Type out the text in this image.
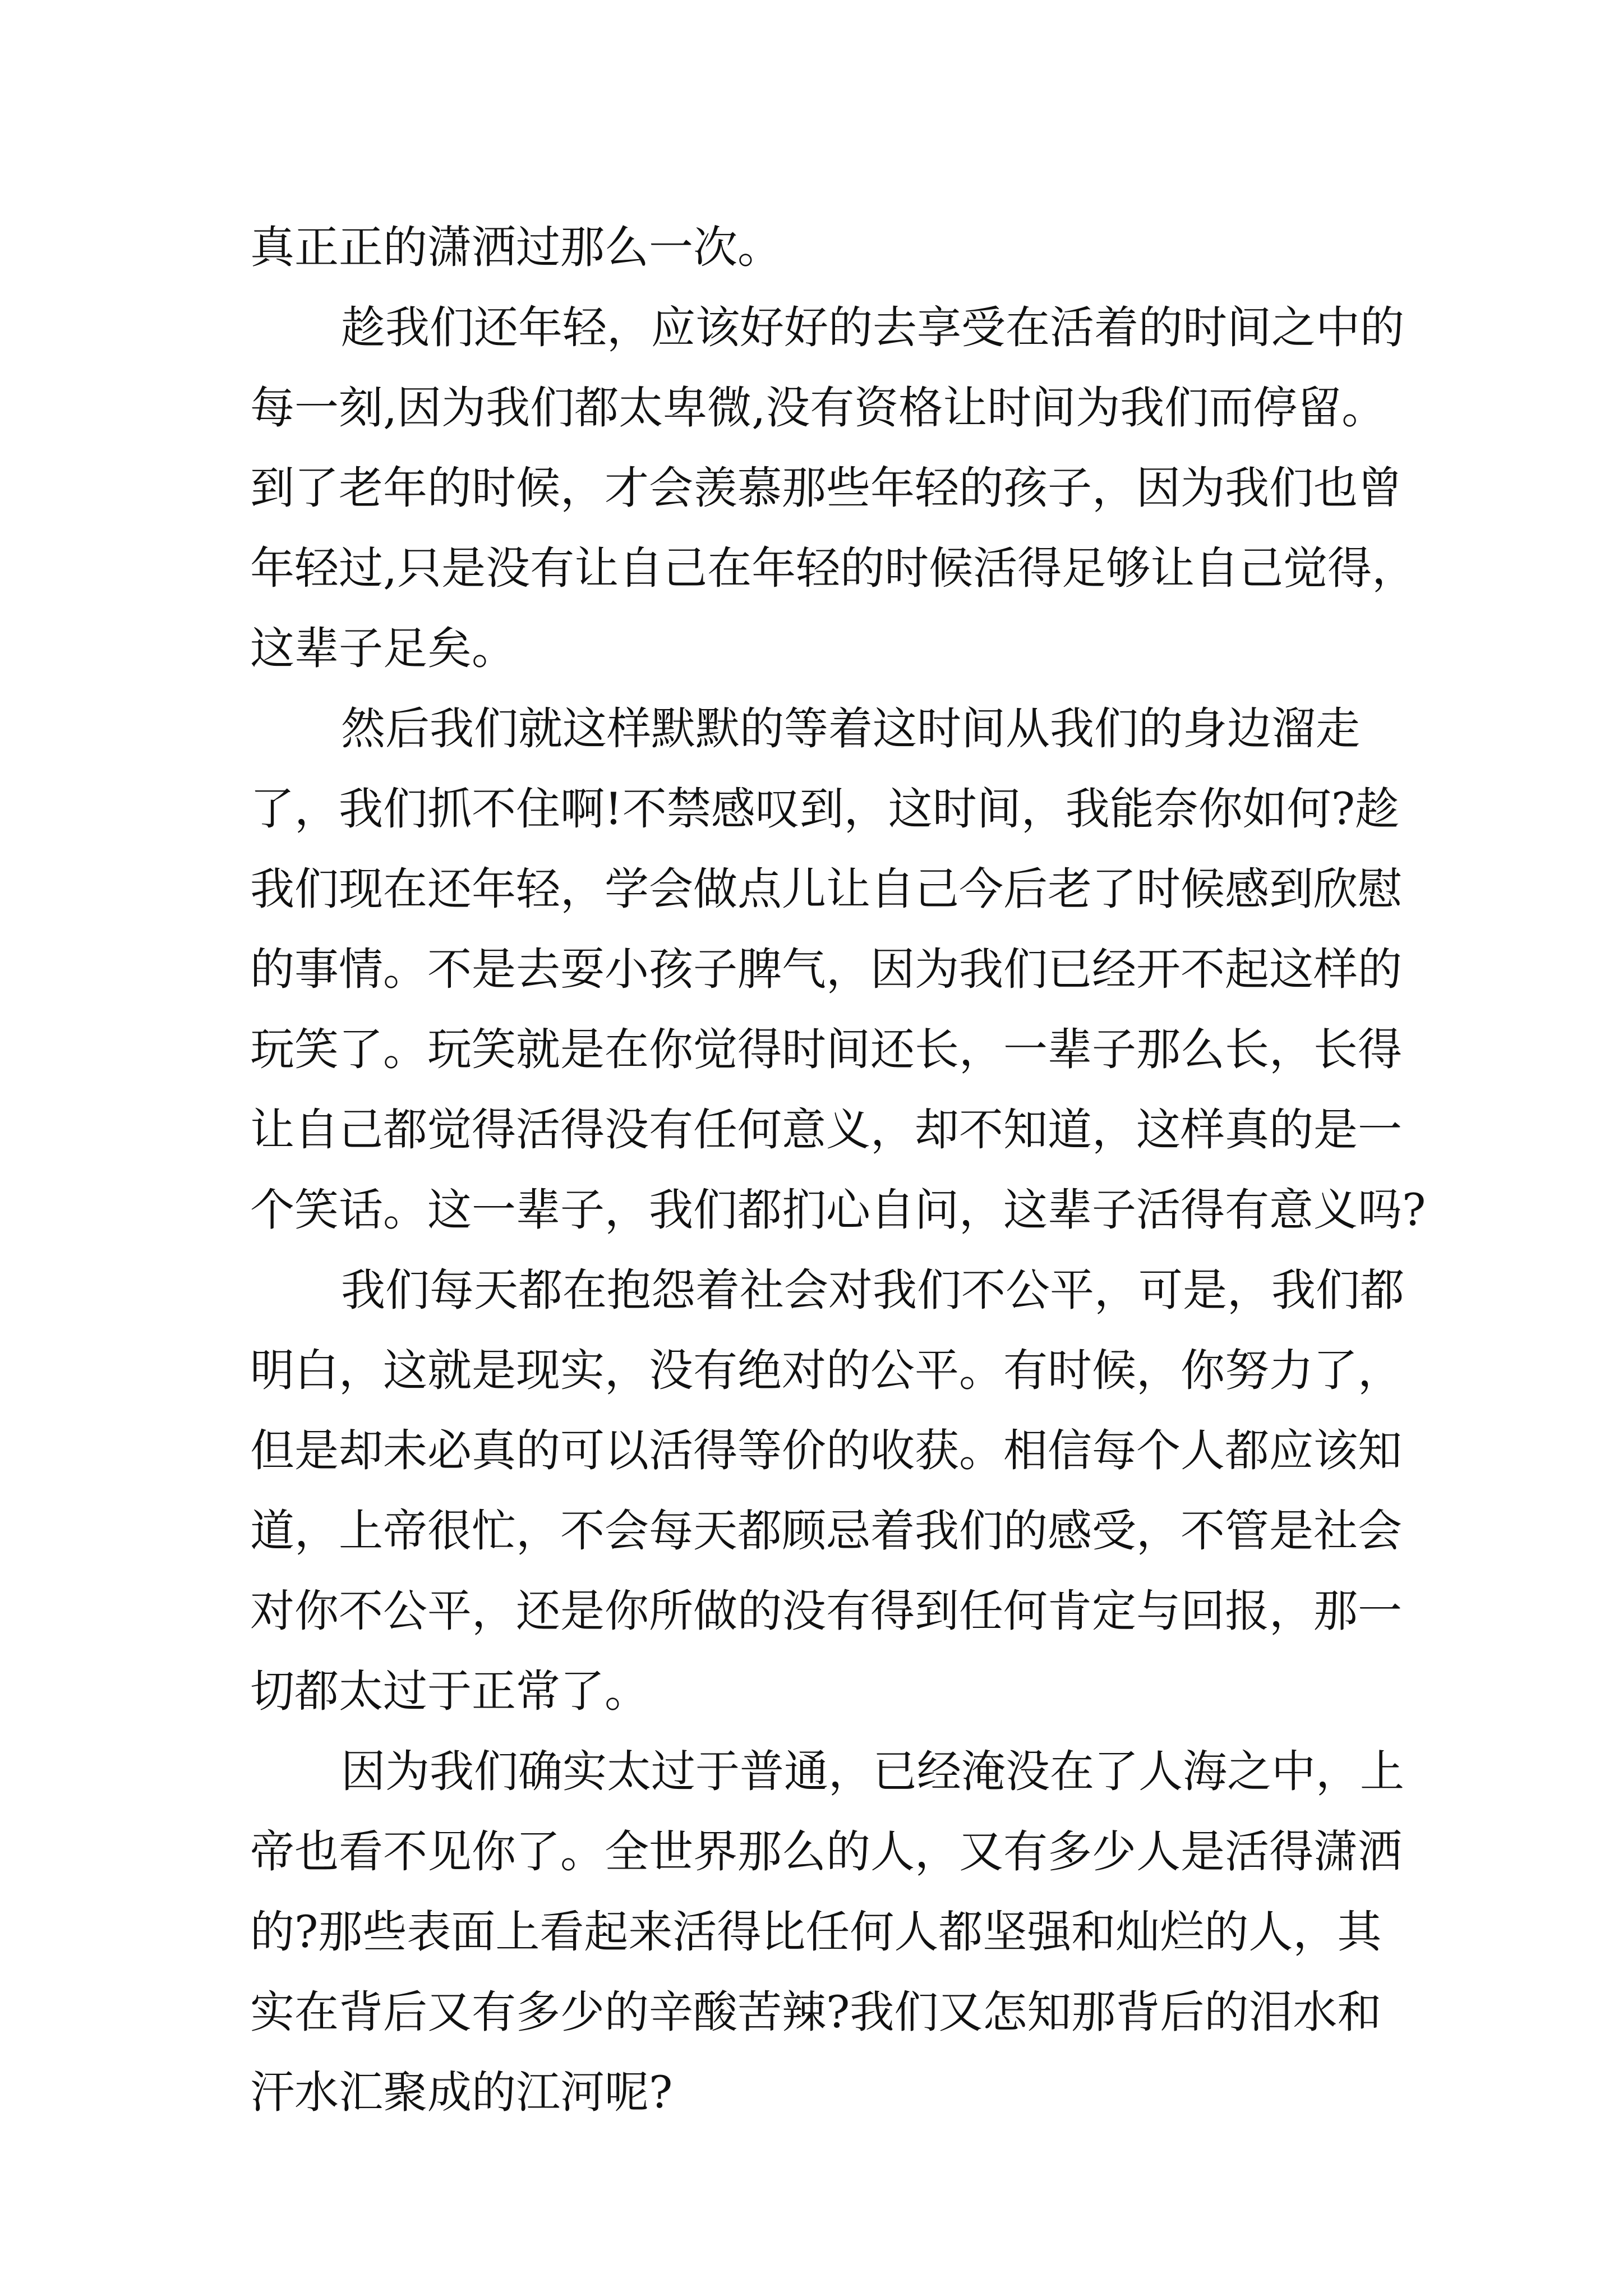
真正正的潇洒过那么一次。
趁我们还年轻，应该好好的去享受在活着的时间之中的
每一刻,因为我们都太卑微,没有资格让时间为我们而停留。
到了老年的时候，才会羡慕那些年轻的孩子，因为我们也曾
年轻过,只是没有让自己在年轻的时候活得足够让自己觉得，
这辈子足矣。
然后我们就这样默默的等着这时间从我们的身边溜走
了，我们抓不住啊!不禁感叹到，这时间，我能奈你如何?趁
我们现在还年轻，学会做点儿让自己今后老了时候感到欣慰
的事情。不是去耍小孩子脾气，因为我们已经开不起这样的
玩笑了。玩笑就是在你觉得时间还长，一辈子那么长，长得
让自己都觉得活得没有任何意义，却不知道，这样真的是一
个笑话。这一辈子，我们都扪心自问，这辈子活得有意义吗?
我们每天都在抱怨着社会对我们不公平，可是，我们都
明白，这就是现实，没有绝对的公平。有时候，你努力了，
但是却未必真的可以活得等价的收获。相信每个人都应该知
道，上帝很忙，不会每天都顾忌着我们的感受，不管是社会
对你不公平，还是你所做的没有得到任何肯定与回报，那一
切都太过于正常了。
因为我们确实太过于普通，已经淹没在了人海之中，上
帝也看不见你了。全世界那么的人，又有多少人是活得潇洒
的?那些表面上看起来活得比任何人都坚强和灿烂的人，其
实在背后又有多少的辛酸苦辣?我们又怎知那背后的泪水和
汗水汇聚成的江河呢?
